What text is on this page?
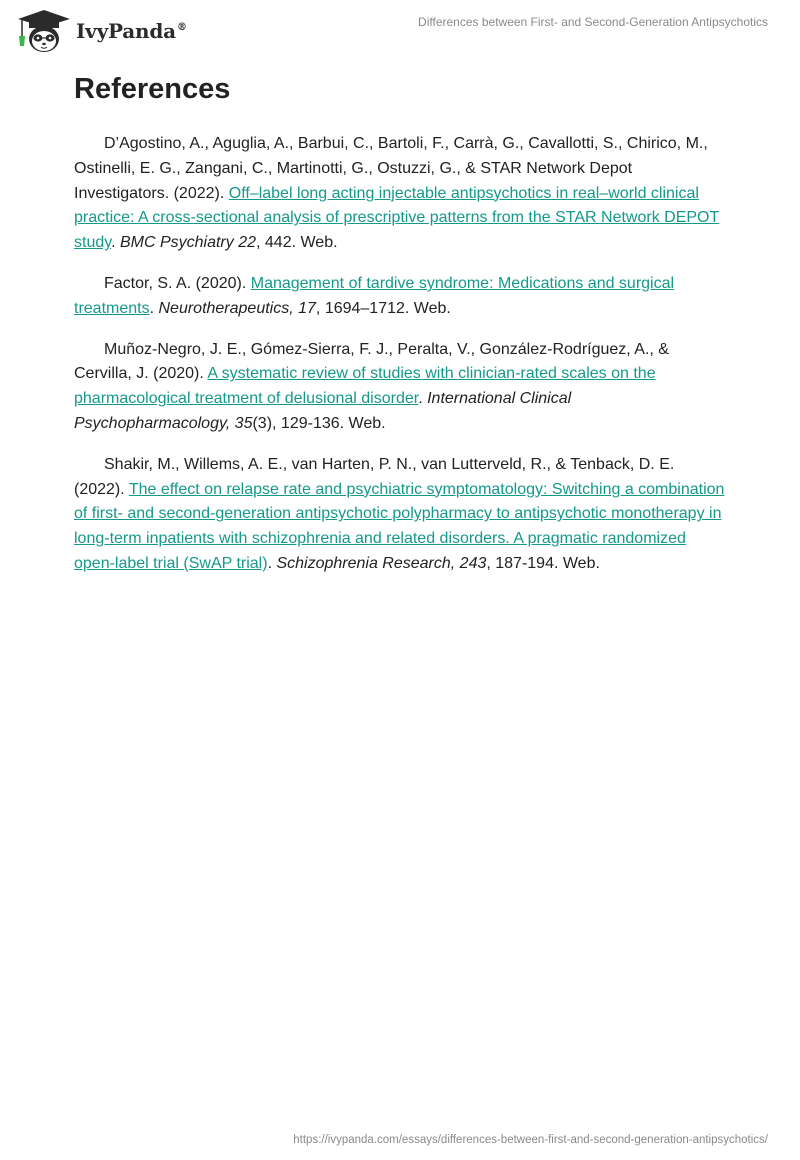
IvyPanda®	Differences between First- and Second-Generation Antipsychotics
References

D’Agostino, A., Aguglia, A., Barbui, C., Bartoli, F., Carrà, G., Cavallotti, S., Chirico, M., Ostinelli, E. G., Zangani, C., Martinotti, G., Ostuzzi, G., & STAR Network Depot Investigators. (2022). Off–label long acting injectable antipsychotics in real–world clinical practice: A cross-sectional analysis of prescriptive patterns from the STAR Network DEPOT study. BMC Psychiatry 22, 442. Web.

Factor, S. A. (2020). Management of tardive syndrome: Medications and surgical treatments. Neurotherapeutics, 17, 1694–1712. Web.

Muñoz-Negro, J. E., Gómez-Sierra, F. J., Peralta, V., González-Rodríguez, A., & Cervilla, J. (2020). A systematic review of studies with clinician-rated scales on the pharmacological treatment of delusional disorder. International Clinical Psychopharmacology, 35(3), 129-136. Web.

Shakir, M., Willems, A. E., van Harten, P. N., van Lutterveld, R., & Tenback, D. E. (2022). The effect on relapse rate and psychiatric symptomatology: Switching a combination of first- and second-generation antipsychotic polypharmacy to antipsychotic monotherapy in long-term inpatients with schizophrenia and related disorders. A pragmatic randomized open-label trial (SwAP trial). Schizophrenia Research, 243, 187-194. Web.

https://ivypanda.com/essays/differences-between-first-and-second-generation-antipsychotics/
